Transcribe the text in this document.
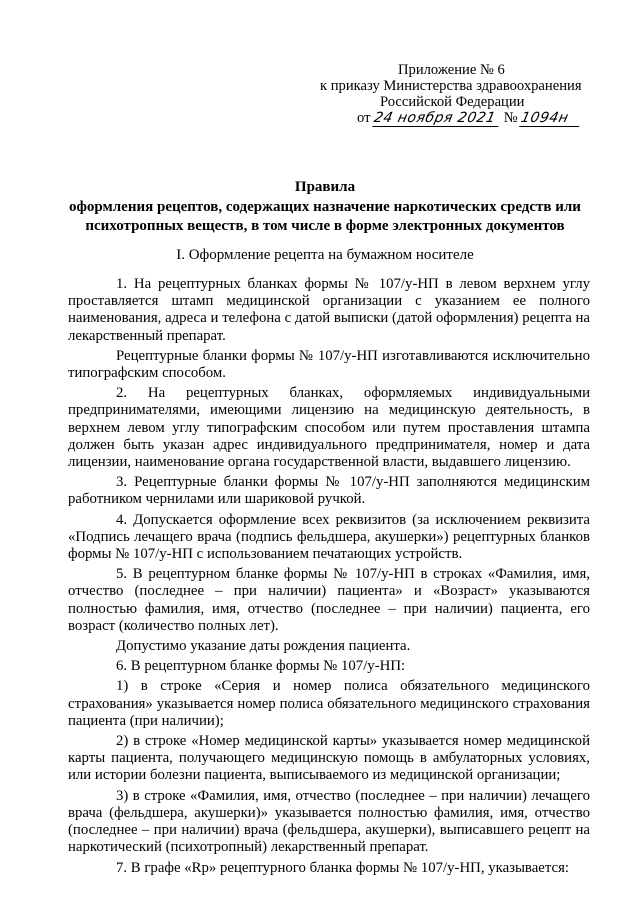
Приложение № 6
к приказу Министерства здравоохранения
Российской Федерации
от 24 ноября 2021 № 1094н
Правила
оформления рецептов, содержащих назначение наркотических средств или
психотропных веществ, в том числе в форме электронных документов
I. Оформление рецепта на бумажном носителе

1. На рецептурных бланках формы № 107/у-НП в левом верхнем углу проставляется штамп медицинской организации с указанием ее полного наименования, адреса и телефона с датой выписки (датой оформления) рецепта на лекарственный препарат.

Рецептурные бланки формы № 107/у-НП изготавливаются исключительно типографским способом.

2. На рецептурных бланках, оформляемых индивидуальными предпринимателями, имеющими лицензию на медицинскую деятельность, в верхнем левом углу типографским способом или путем проставления штампа должен быть указан адрес индивидуального предпринимателя, номер и дата лицензии, наименование органа государственной власти, выдавшего лицензию.

3. Рецептурные бланки формы № 107/у-НП заполняются медицинским работником чернилами или шариковой ручкой.

4. Допускается оформление всех реквизитов (за исключением реквизита «Подпись лечащего врача (подпись фельдшера, акушерки») рецептурных бланков формы № 107/у-НП с использованием печатающих устройств.

5. В рецептурном бланке формы № 107/у-НП в строках «Фамилия, имя, отчество (последнее – при наличии) пациента» и «Возраст» указываются полностью фамилия, имя, отчество (последнее – при наличии) пациента, его возраст (количество полных лет).

Допустимо указание даты рождения пациента.

6. В рецептурном бланке формы № 107/у-НП:

1) в строке «Серия и номер полиса обязательного медицинского страхования» указывается номер полиса обязательного медицинского страхования пациента (при наличии);

2) в строке «Номер медицинской карты» указывается номер медицинской карты пациента, получающего медицинскую помощь в амбулаторных условиях, или истории болезни пациента, выписываемого из медицинской организации;

3) в строке «Фамилия, имя, отчество (последнее – при наличии) лечащего врача (фельдшера, акушерки)» указывается полностью фамилия, имя, отчество (последнее – при наличии) врача (фельдшера, акушерки), выписавшего рецепт на наркотический (психотропный) лекарственный препарат.

7. В графе «Rp» рецептурного бланка формы № 107/у-НП, указывается:
